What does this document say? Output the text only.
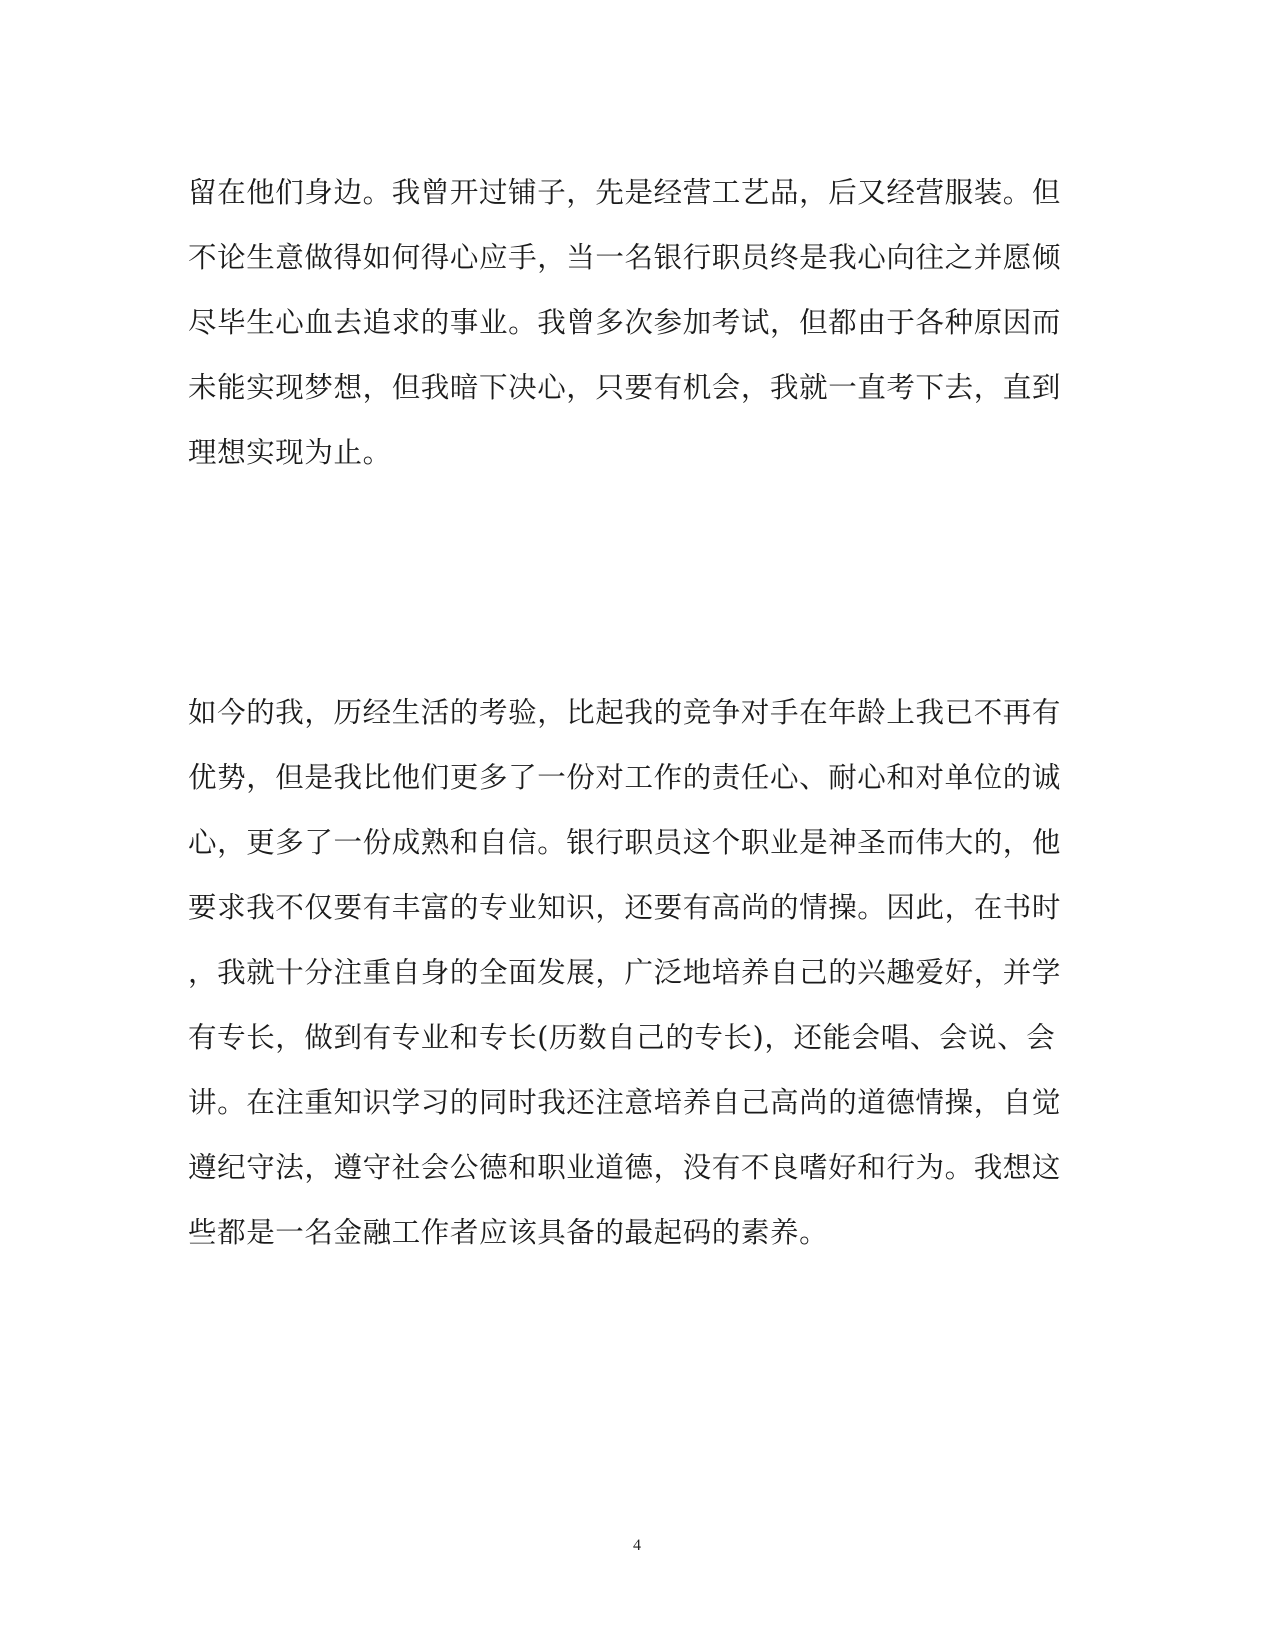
留在他们身边。我曾开过铺子，先是经营工艺品，后又经营服装。但
不论生意做得如何得心应手，当一名银行职员终是我心向往之并愿倾
尽毕生心血去追求的事业。我曾多次参加考试，但都由于各种原因而
未能实现梦想，但我暗下决心，只要有机会，我就一直考下去，直到
理想实现为止。
如今的我，历经生活的考验，比起我的竞争对手在年龄上我已不再有
优势，但是我比他们更多了一份对工作的责任心、耐心和对单位的诚
心，更多了一份成熟和自信。银行职员这个职业是神圣而伟大的，他
要求我不仅要有丰富的专业知识，还要有高尚的情操。因此，在书时
，我就十分注重自身的全面发展，广泛地培养自己的兴趣爱好，并学
有专长，做到有专业和专长(历数自己的专长)，还能会唱、会说、会
讲。在注重知识学习的同时我还注意培养自己高尚的道德情操，自觉
遵纪守法，遵守社会公德和职业道德，没有不良嗜好和行为。我想这
些都是一名金融工作者应该具备的最起码的素养。
4
